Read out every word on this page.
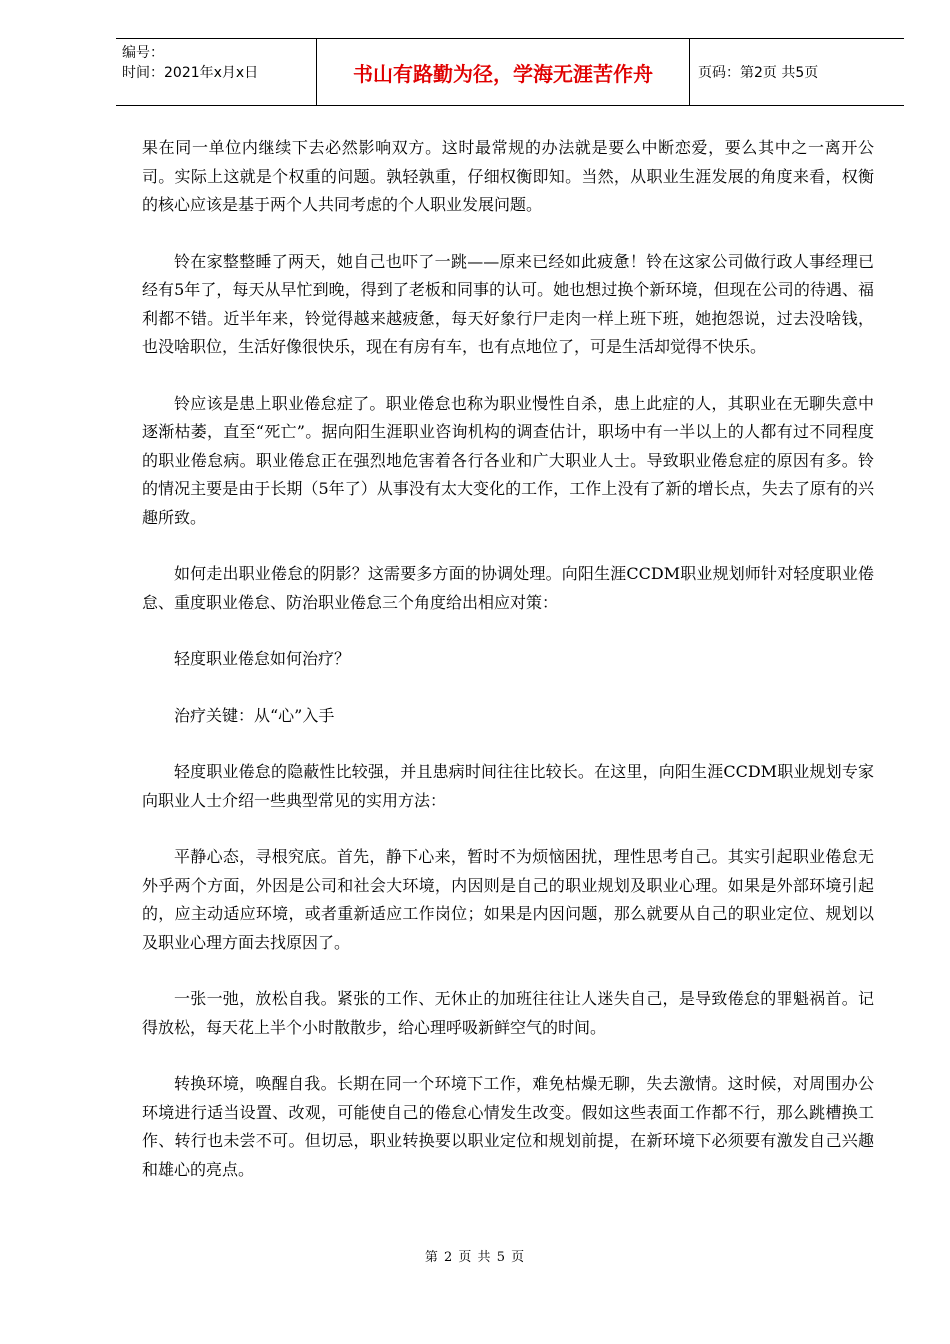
编号：
时间：2021年x月x日	书山有路勤为径，学海无涯苦作舟	页码：第2页 共5页

果在同一单位内继续下去必然影响双方。这时最常规的办法就是要么中断恋爱，要么其中之一离开公司。实际上这就是个权重的问题。孰轻孰重，仔细权衡即知。当然，从职业生涯发展的角度来看，权衡的核心应该是基于两个人共同考虑的个人职业发展问题。

铃在家整整睡了两天，她自己也吓了一跳——原来已经如此疲惫！铃在这家公司做行政人事经理已经有5年了，每天从早忙到晚，得到了老板和同事的认可。她也想过换个新环境，但现在公司的待遇、福利都不错。近半年来，铃觉得越来越疲惫，每天好象行尸走肉一样上班下班，她抱怨说，过去没啥钱，也没啥职位，生活好像很快乐，现在有房有车，也有点地位了，可是生活却觉得不快乐。

铃应该是患上职业倦怠症了。职业倦怠也称为职业慢性自杀，患上此症的人，其职业在无聊失意中逐渐枯萎，直至“死亡”。据向阳生涯职业咨询机构的调查估计，职场中有一半以上的人都有过不同程度的职业倦怠病。职业倦怠正在强烈地危害着各行各业和广大职业人士。导致职业倦怠症的原因有多。铃的情况主要是由于长期（5年了）从事没有太大变化的工作，工作上没有了新的增长点，失去了原有的兴趣所致。

如何走出职业倦怠的阴影？这需要多方面的协调处理。向阳生涯CCDM职业规划师针对轻度职业倦怠、重度职业倦怠、防治职业倦怠三个角度给出相应对策：

轻度职业倦怠如何治疗？

治疗关键：从“心”入手

轻度职业倦怠的隐蔽性比较强，并且患病时间往往比较长。在这里，向阳生涯CCDM职业规划专家向职业人士介绍一些典型常见的实用方法：

平静心态，寻根究底。首先，静下心来，暂时不为烦恼困扰，理性思考自己。其实引起职业倦怠无外乎两个方面，外因是公司和社会大环境，内因则是自己的职业规划及职业心理。如果是外部环境引起的，应主动适应环境，或者重新适应工作岗位；如果是内因问题，那么就要从自己的职业定位、规划以及职业心理方面去找原因了。

一张一弛，放松自我。紧张的工作、无休止的加班往往让人迷失自己，是导致倦怠的罪魁祸首。记得放松，每天花上半个小时散散步，给心理呼吸新鲜空气的时间。

转换环境，唤醒自我。长期在同一个环境下工作，难免枯燥无聊，失去激情。这时候，对周围办公环境进行适当设置、改观，可能使自己的倦怠心情发生改变。假如这些表面工作都不行，那么跳槽换工作、转行也未尝不可。但切忌，职业转换要以职业定位和规划前提，在新环境下必须要有激发自己兴趣和雄心的亮点。

第 2 页 共 5 页
